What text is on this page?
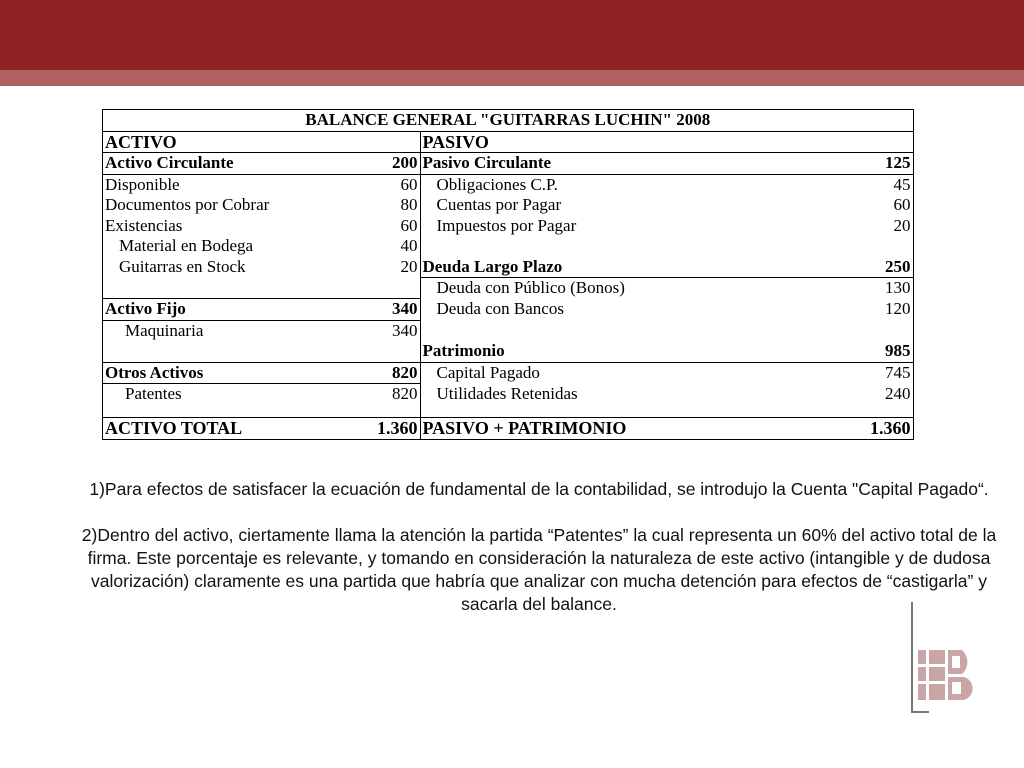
BALANCE GENERAL "GUITARRAS LUCHIN" 2008			
ACTIVO		PASIVO	
Activo Circulante	200	Pasivo Circulante	125
Disponible	60	Obligaciones C.P.	45
Documentos por Cobrar	80	Cuentas por Pagar	60
Existencias	60	Impuestos por Pagar	20
Material en Bodega	40		
Guitarras en Stock	20	Deuda Largo Plazo	250
		Deuda con Público (Bonos)	130
Activo Fijo	340	Deuda con Bancos	120
Maquinaria	340		
		Patrimonio	985
Otros Activos	820	Capital Pagado	745
Patentes	820	Utilidades Retenidas	240

ACTIVO TOTAL	1.360	PASIVO + PATRIMONIO	1.360

1)Para efectos de satisfacer la ecuación de fundamental de la contabilidad, se introdujo la Cuenta "Capital Pagado“.

2)Dentro del activo, ciertamente llama la atención la partida “Patentes” la cual representa un 60% del activo total de la firma. Este porcentaje es relevante, y tomando en consideración la naturaleza de este activo (intangible y de dudosa valorización) claramente es una partida que habría que analizar con mucha detención para efectos de “castigarla” y sacarla del balance.
